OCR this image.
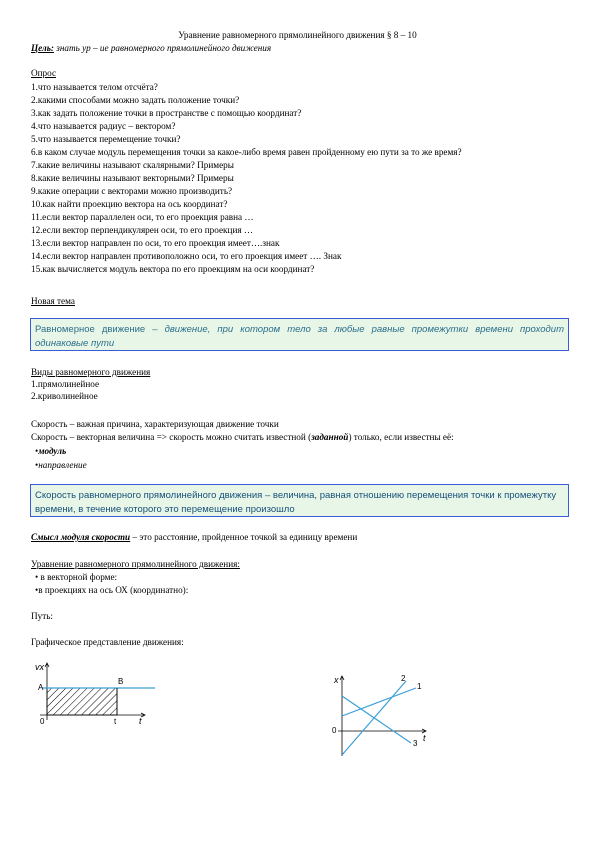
Уравнение равномерного прямолинейного движения § 8 – 10
Цель: знать ур – ие равномерного прямолинейного движения
Опрос
1.что называется телом отсчёта?
2.какими способами можно задать положение точки?
3.как задать положение точки в пространстве с помощью координат?
4.что называется радиус – вектором?
5.что называется перемещение точки?
6.в каком случае модуль перемещения точки за какое-либо время равен пройденному ею пути за то же время?
7.какие величины называют скалярными? Примеры
8.какие величины называют векторными? Примеры
9.какие операции с векторами можно производить?
10.как найти проекцию вектора на ось координат?
11.если вектор параллелен оси, то его проекция равна …
12.если вектор перпендикулярен оси, то его проекция …
13.если вектор направлен по оси, то его проекция имеет….знак
14.если вектор направлен противоположно оси, то его проекция имеет …. Знак
15.как вычисляется модуль вектора по его проекциям на оси координат?
Новая тема
Равномерное движение – движение, при котором тело за любые равные промежутки времени проходит одинаковые пути
Виды равномерного движения
1.прямолинейное
2.криволинейное
Скорость – важная причина, характеризующая движение точки
Скорость – векторная величина => скорость можно считать известной (заданной) только, если известны её:
•модуль
•направление
Скорость равномерного прямолинейного движения – величина, равная отношению перемещения точки к промежутку времени, в течение которого это перемещение произошло
Смысл модуля скорости – это расстояние, пройденное точкой за единицу времени
Уравнение равномерного прямолинейного движения:
• в векторной форме:
•в проекциях на ось ОХ (координатно):
Путь:
Графическое представление движения:
vx
A
B
0	t	t
x
0
t
1
2
3
